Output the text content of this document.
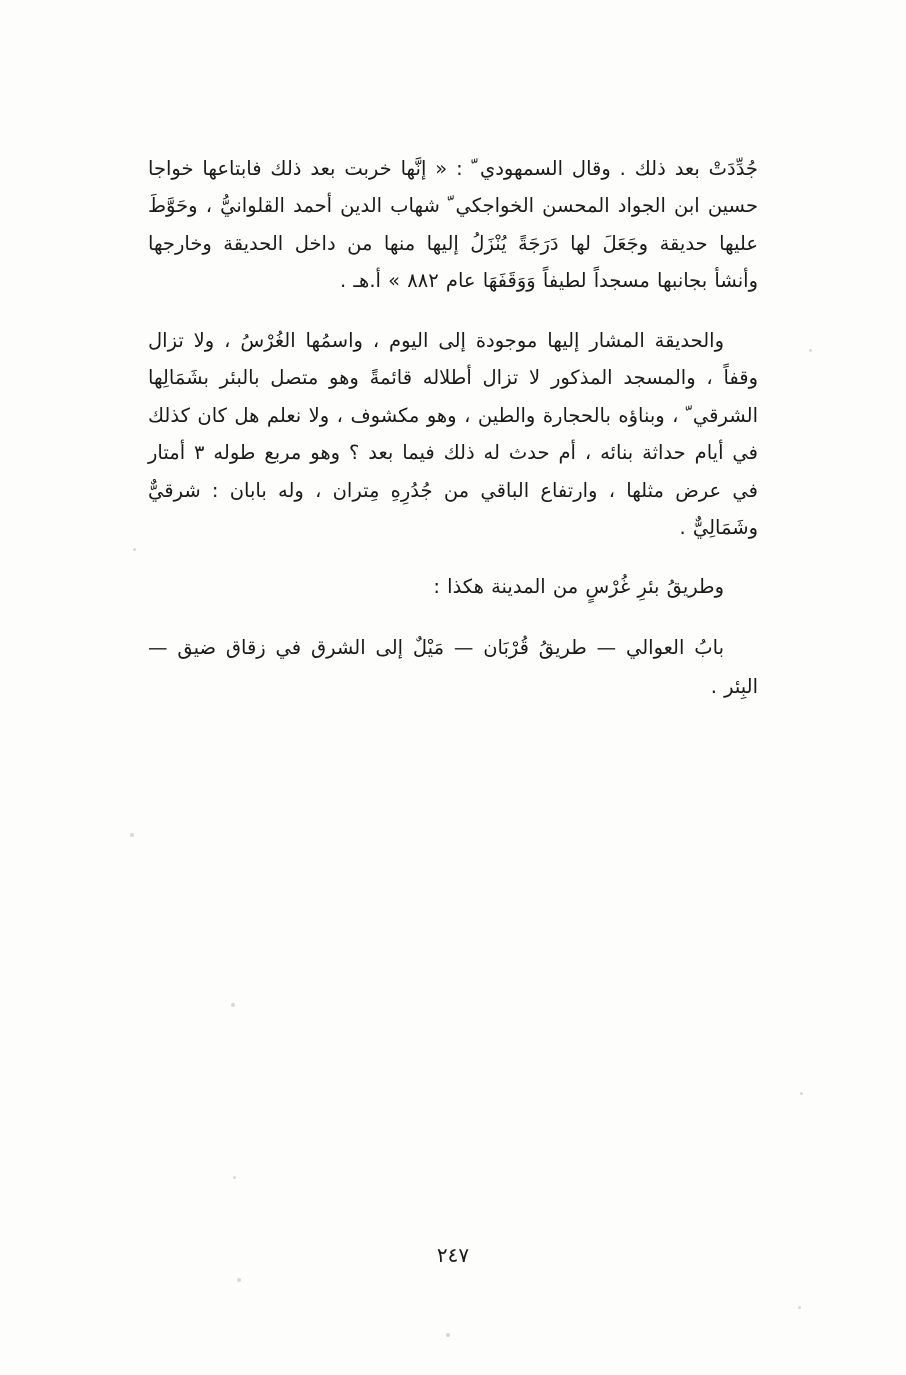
جُدِّدَتْ بعد ذلك . وقال السمهودي ّ : « إنَّها خربت بعد ذلك فابتاعها خواجا حسين ابن الجواد المحسن الخواجكي ّ شهاب الدين أحمد القلوانيُّ ، وحَوَّطَ عليها حديقة وجَعَلَ لها دَرَجَةً يُنْزَلُ إليها منها من داخل الحديقة وخارجها وأنشأ بجانبها مسجداً لطيفاً وَوَقَفَهَا عام ٨٨٢ » أ.هـ .

والحديقة المشار إليها موجودة إلى اليوم ، واسمُها الغُرْسُ ، ولا تزال وقفاً ، والمسجد المذكور لا تزال أطلاله قائمةً وهو متصل بالبئر بشَمَالِها الشرقي ّ ، وبناؤه بالحجارة والطين ، وهو مكشوف ، ولا نعلم هل كان كذلك في أيام حداثة بنائه ، أم حدث له ذلك فيما بعد ؟ وهو مربع طوله ٣ أمتار في عرض مثلها ، وارتفاع الباقي من جُدُرِهِ مِتران ، وله بابان : شرقيٌّ وشَمَالِيٌّ .

وطريقُ بئرِ غُرْسٍ من المدينة هكذا :

بابُ العوالي — طريقُ قُرْبَان — مَيْلٌ إلى الشرق في زقاق ضيق — البِئر .

٢٤٧
